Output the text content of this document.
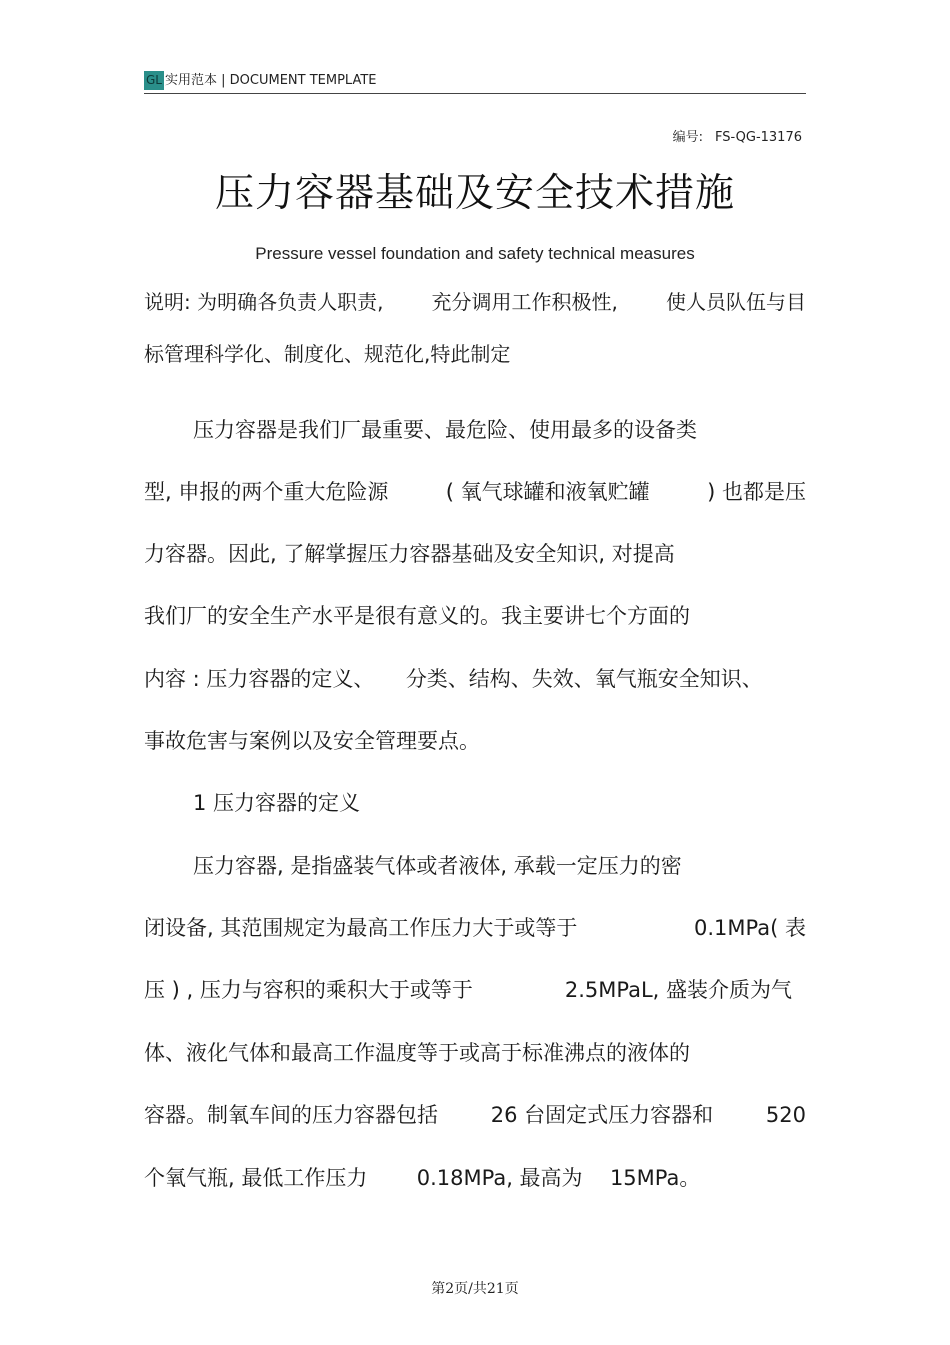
GL 实用范本 | DOCUMENT TEMPLATE
编号: FS-QG-13176
压力容器基础及安全技术措施
Pressure vessel foundation and safety technical measures
说明: 为明确各负责人职责, 充分调用工作积极性, 使人员队伍与目
标管理科学化、制度化、规范化,特此制定
压力容器是我们厂最重要、最危险、使用最多的设备类
型, 申报的两个重大危险源	( 氧气球罐和液氧贮罐	) 也都是压
力容器。因此, 了解掌握压力容器基础及安全知识, 对提高
我们厂的安全生产水平是很有意义的。我主要讲七个方面的
内容 : 压力容器的定义、 分类、结构、失效、氧气瓶安全知识、
事故危害与案例以及安全管理要点。
1 压力容器的定义
压力容器, 是指盛装气体或者液体, 承载一定压力的密
闭设备, 其范围规定为最高工作压力大于或等于	0.1MPa( 表
压 ) , 压力与容积的乘积大于或等于	2.5MPaL, 盛装介质为气
体、液化气体和最高工作温度等于或高于标准沸点的液体的
容器。制氧车间的压力容器包括	26 台固定式压力容器和	520
个氧气瓶, 最低工作压力 0.18MPa, 最高为 15MPa。
第2页/共21页
